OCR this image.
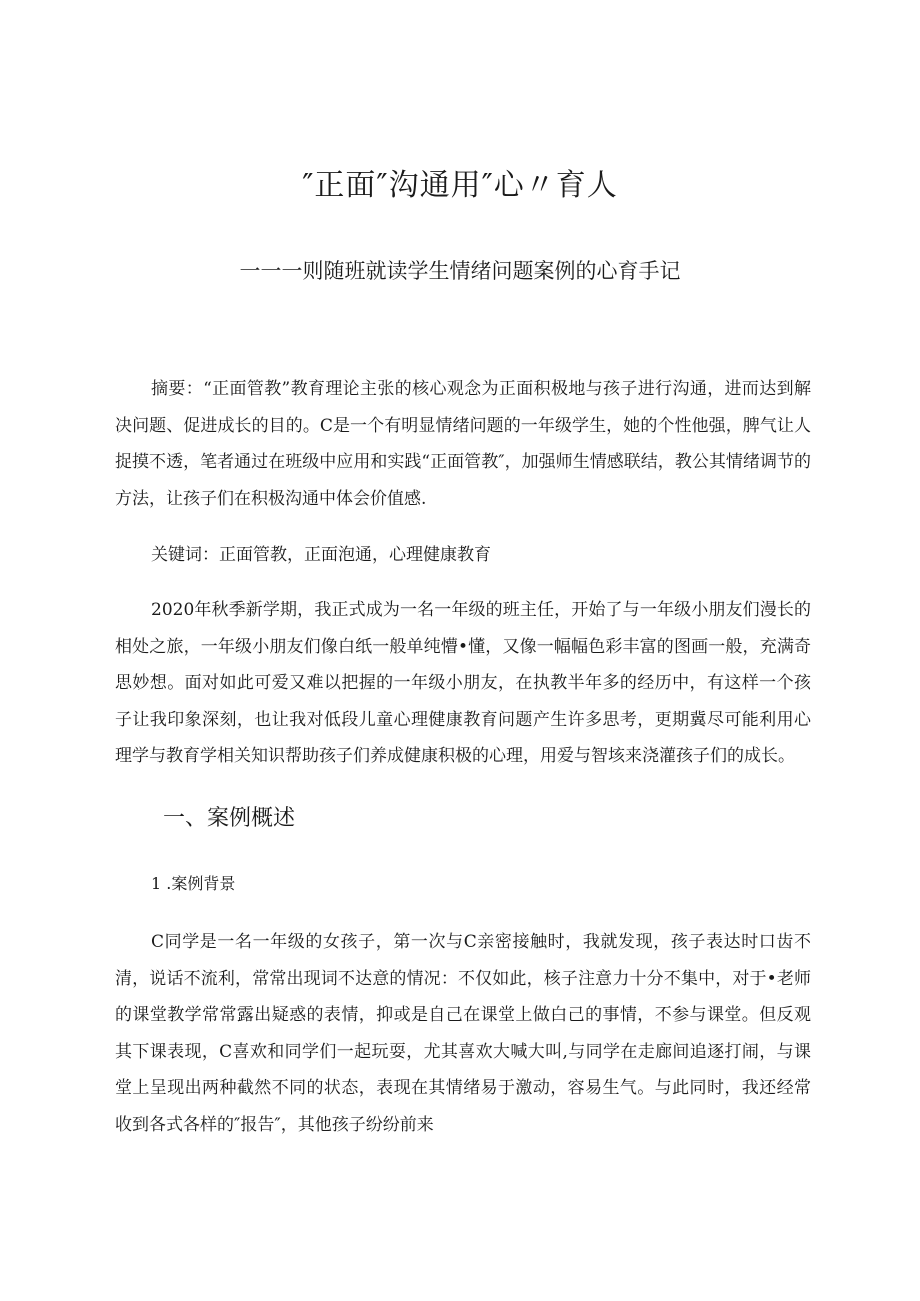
″正面″沟通用″心〃育人
一一一则随班就读学生情绪问题案例的心育手记

摘要：“正面管教”教育理论主张的核心观念为正面积极地与孩子进行沟通，进而达到解决问题、促进成长的目的。C是一个有明显情绪问题的一年级学生，她的个性他强，脾气让人捉摸不透，笔者通过在班级中应用和实践“正面管教″，加强师生情感联结，教公其情绪调节的方法，让孩子们在积极沟通中体会价值感.

关键词：正面管教，正面泡通，心理健康教育

2020年秋季新学期，我正式成为一名一年级的班主任，开始了与一年级小朋友们漫长的相处之旅，一年级小朋友们像白纸一般单纯懵•懂，又像一幅幅色彩丰富的图画一般，充满奇思妙想。面对如此可爱又难以把握的一年级小朋友，在执教半年多的经历中，有这样一个孩子让我印象深刻，也让我对低段儿童心理健康教育问题产生许多思考，更期冀尽可能利用心理学与教育学相关知识帮助孩子们养成健康积极的心理，用爱与智垓来浇灌孩子们的成长。

一、案例概述
1 .案例背景

C同学是一名一年级的女孩子，第一次与C亲密接触时，我就发现，孩子表达时口齿不清，说话不流利，常常出现词不达意的情况：不仅如此，核子注意力十分不集中，对于•老师的课堂教学常常露出疑惑的表情，抑或是自己在课堂上做白己的事情，不参与课堂。但反观其下课表现，C喜欢和同学们一起玩耍，尤其喜欢大喊大叫,与同学在走廊间追逐打闹，与课堂上呈现出两种截然不同的状态，表现在其情绪易于激动，容易生气。与此同时，我还经常收到各式各样的″报告″，其他孩子纷纷前来
